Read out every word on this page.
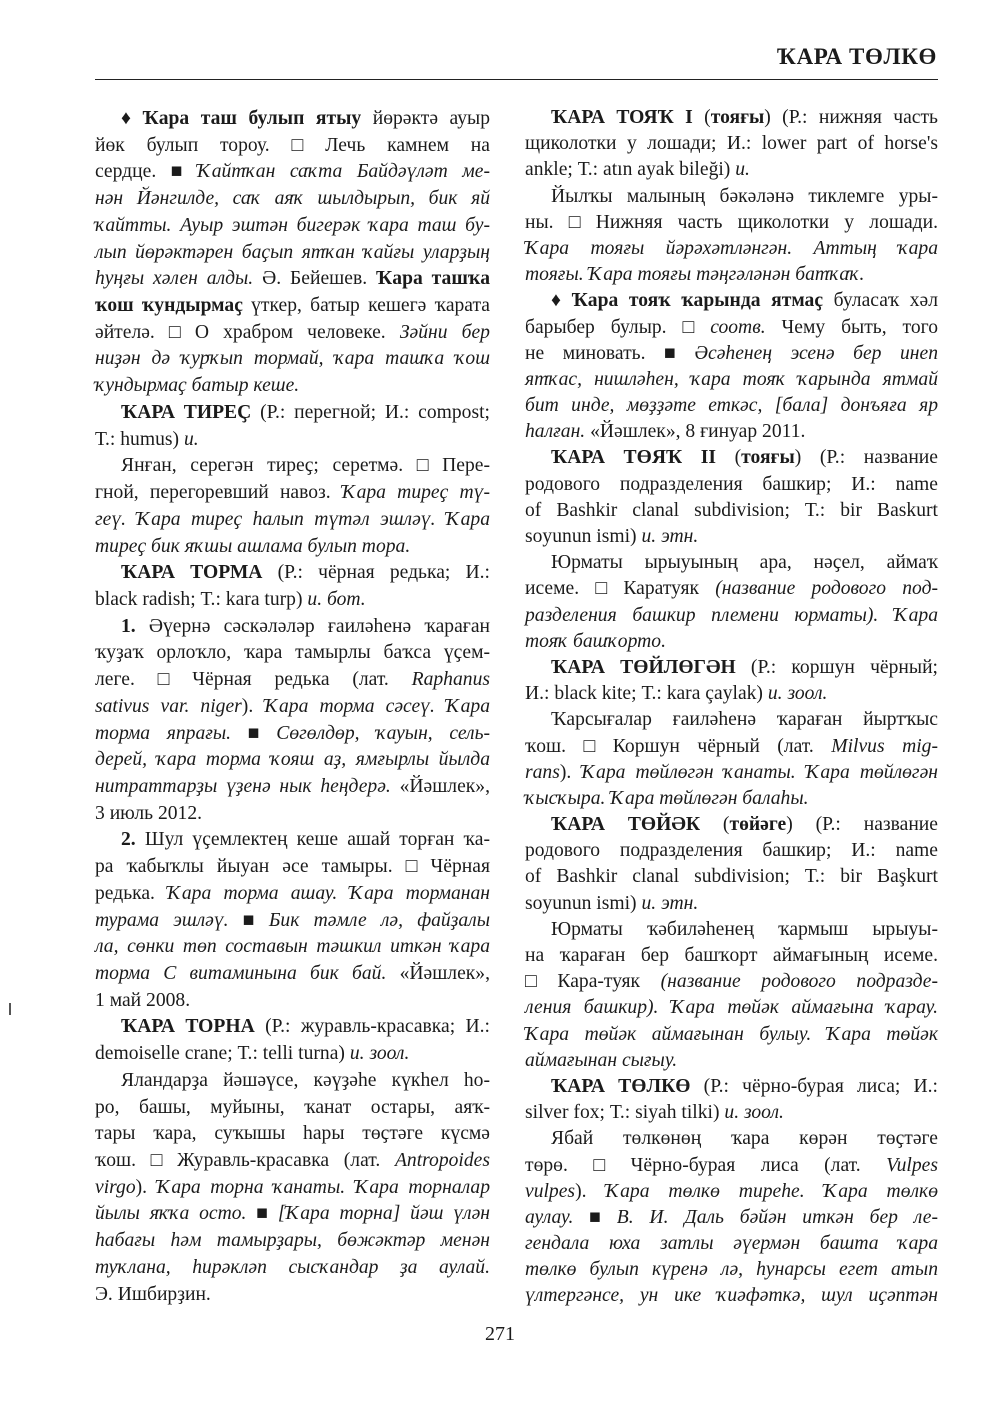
ҠАРА ТӨЛКӨ
♦ Ҡара таш булып ятыу йөрәктә ауыр
йөк булып тороу. □ Лечь камнем на
сердце. ■ Ҡайтҡан саҡта Байдәүләт ме-
нән Йәнгилде, саҡ аяҡ шылдырып, бик яй
ҡайтты. Ауыр эштән бигерәк ҡара таш бу-
лып йөрәктәрен баҫып ятҡан ҡайғы уларҙың
һуңғы хәлен алды. Ә. Бейешев. Ҡара ташҡа
ҡош ҡундырмаҫ үткер, батыр кешегә ҡарата
әйтелә. □ О храбром человеке. Зәйни бер
ниҙән дә ҡурҡып тормай, ҡара ташҡа ҡош
ҡундырмаҫ батыр кеше.
ҠАРА ТИРЕҪ (Р.: перегной; И.: compost;
Т.: humus) и.
Янған, серегән тиреҫ; серетмә. □ Пере-
гной, перегоревший навоз. Ҡара тиреҫ тү-
геү. Ҡара тиреҫ һалып түтәл эшләү. Ҡара
тиреҫ бик яҡшы ашлама булып тора.
ҠАРА ТОРМА (Р.: чёрная редька; И.:
black radish; Т.: kara turp) и. бот.
1. Әүернә сәскәләләр ғаиләһенә ҡараған
ҡуҙаҡ орлоҡло, ҡара тамырлы баҡса үҫем-
леге. □ Чёрная редька (лат. Raphanus
sativus var. niger). Ҡара торма сәсеү. Ҡара
торма япрағы. ■ Сөгөлдөр, ҡауын, сель-
дерей, ҡара торма ҡояш аҙ, ямғырлы йылда
нитраттарҙы үҙенә нык һеңдерә. «Йәшлек»,
3 июль 2012.
2. Шул үҫемлектең кеше ашай торған ҡа-
ра ҡабыҡлы йыуан әсе тамыры. □ Чёрная
редька. Ҡара торма ашау. Ҡара торманан
турама эшләү. ■ Бик тәмле лә, файҙалы
ла, сөнки төп составын тәшкил иткән ҡара
торма С витаминына бик бай. «Йәшлек»,
1 май 2008.
ҠАРА ТОРНА (Р.: журавль-красавка; И.:
demoiselle crane; Т.: telli turna) и. зоол.
Яландарҙа йәшәүсе, кәүҙәһе күкһел һо-
ро, башы, муйыны, ҡанат остары, аяҡ-
тары ҡара, суҡышы һары төҫтәге күсмә
ҡош. □ Журавль-красавка (лат. Antropoides
virgo). Ҡара торна ҡанаты. Ҡара торналар
йылы яҡҡа осто. ■ [Ҡара торна] йәш үлән
һабағы һәм тамырҙары, бөжәктәр менән
туҡлана, һирәкләп сысҡандар ҙа аулай.
Э. Ишбирҙин.
ҠАРА ТОЯҠ I (тояғы) (Р.: нижняя часть
щиколотки у лошади; И.: lower part of horse's
ankle; Т.: atın ayak bileği) и.
Йылҡы малының бәкәләнә тиклемге уры-
ны. □ Нижняя часть щиколотки у лошади.
Ҡара тояғы йәрәхәтләнгән. Аттың ҡара
тояғы. Ҡара тояғы тәңгәләнән батҡаҡ.
♦ Ҡара тояҡ ҡарында ятмаҫ буласаҡ хәл
барыбер булыр. □ соотв. Чему быть, того
не миновать. ■ Әсәһенең эсенә бер инеп
ятҡас, нишләһен, ҡара тояҡ ҡарында ятмай
бит инде, мөҙҙәте еткәс, [бала] донъяға яр
һалған. «Йәшлек», 8 ғинуар 2011.
ҠАРА ТӨЯҠ II (тояғы) (Р.: название
родового подразделения башкир; И.: name
of Bashkir clanal subdivision; Т.: bir Baskurt
soyunun ismi) и. этн.
Юрматы ырыуының ара, нәҫел, аймаҡ
исеме. □ Каратуяк (название родового под-
разделения башкир племени юрматы). Ҡара
тояҡ башҡорто.
ҠАРА ТӨЙЛӨГӘН (Р.: коршун чёрный;
И.: black kite; Т.: kara çaylak) и. зоол.
Ҡарсығалар ғаиләһенә ҡараған йыртҡыс
ҡош. □ Коршун чёрный (лат. Milvus mig-
rans). Ҡара төйлөгән ҡанаты. Ҡара төйлөгән
ҡысҡыра. Ҡара төйлөгән балаһы.
ҠАРА ТӨЙӘК (төйәге) (Р.: название
родового подразделения башкир; И.: name
of Bashkir clanal subdivision; Т.: bir Başkurt
soyunun ismi) и. этн.
Юрматы ҡәбиләһенең ҡармыш ырыуы-
на ҡараған бер башҡорт аймағының исеме.
□ Кара-туяк (название родового подразде-
ления башкир). Ҡара төйәк аймағына ҡарау.
Ҡара төйәк аймағынан булыу. Ҡара төйәк
аймағынан сығыу.
ҠАРА ТӨЛКӨ (Р.: чёрно-бурая лиса; И.:
silver fox; Т.: siyah tilki) и. зоол.
Ябай төлкөнөң ҡара көрән төҫтәге
төрө. □ Чёрно-бурая лиса (лат. Vulpes
vulpes). Ҡара төлкө тиреһе. Ҡара төлкө
аулау. ■ В. И. Даль бәйән иткән бер ле-
гендала юха затлы әүермән башта ҡара
төлкө булып күренә лә, һунарсы егет атып
үлтергәнсе, ун ике ҡиәфәткә, шул иҫәптән
271
